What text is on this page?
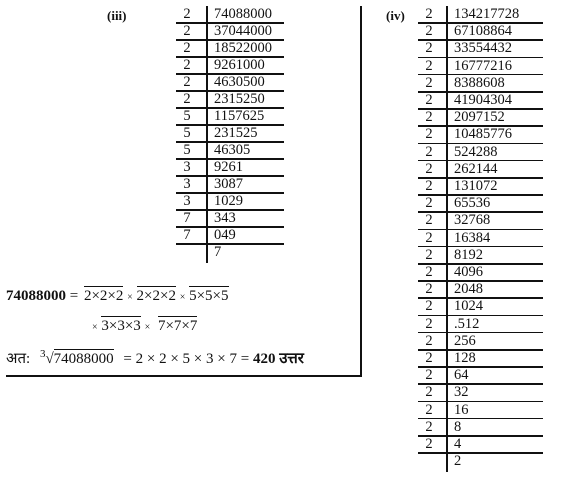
(iii)	2	74088000
2	37044000
2	18522000
2	9261000
2	4630500
2	2315250
5	1157625
5	231525
5	46305
3	9261
3	3087
3	1029
7	343
7	049
7
74088000 = 2×2×2 × 2×2×2 × 5×5×5
× 3×3×3 × 7×7×7
अत: $^3$√74088000 = 2 × 2 × 5 × 3 × 7 = 420 उत्तर
(iv)	2	134217728
2	67108864
2	33554432
2	16777216
2	8388608
2	41904304
2	2097152
2	10485776
2	524288
2	262144
2	131072
2	65536
2	32768
2	16384
2	8192
2	4096
2	2048
2	1024
2	.512
2	256
2	128
2	64
2	32
2	16
2	8
2	4
2
